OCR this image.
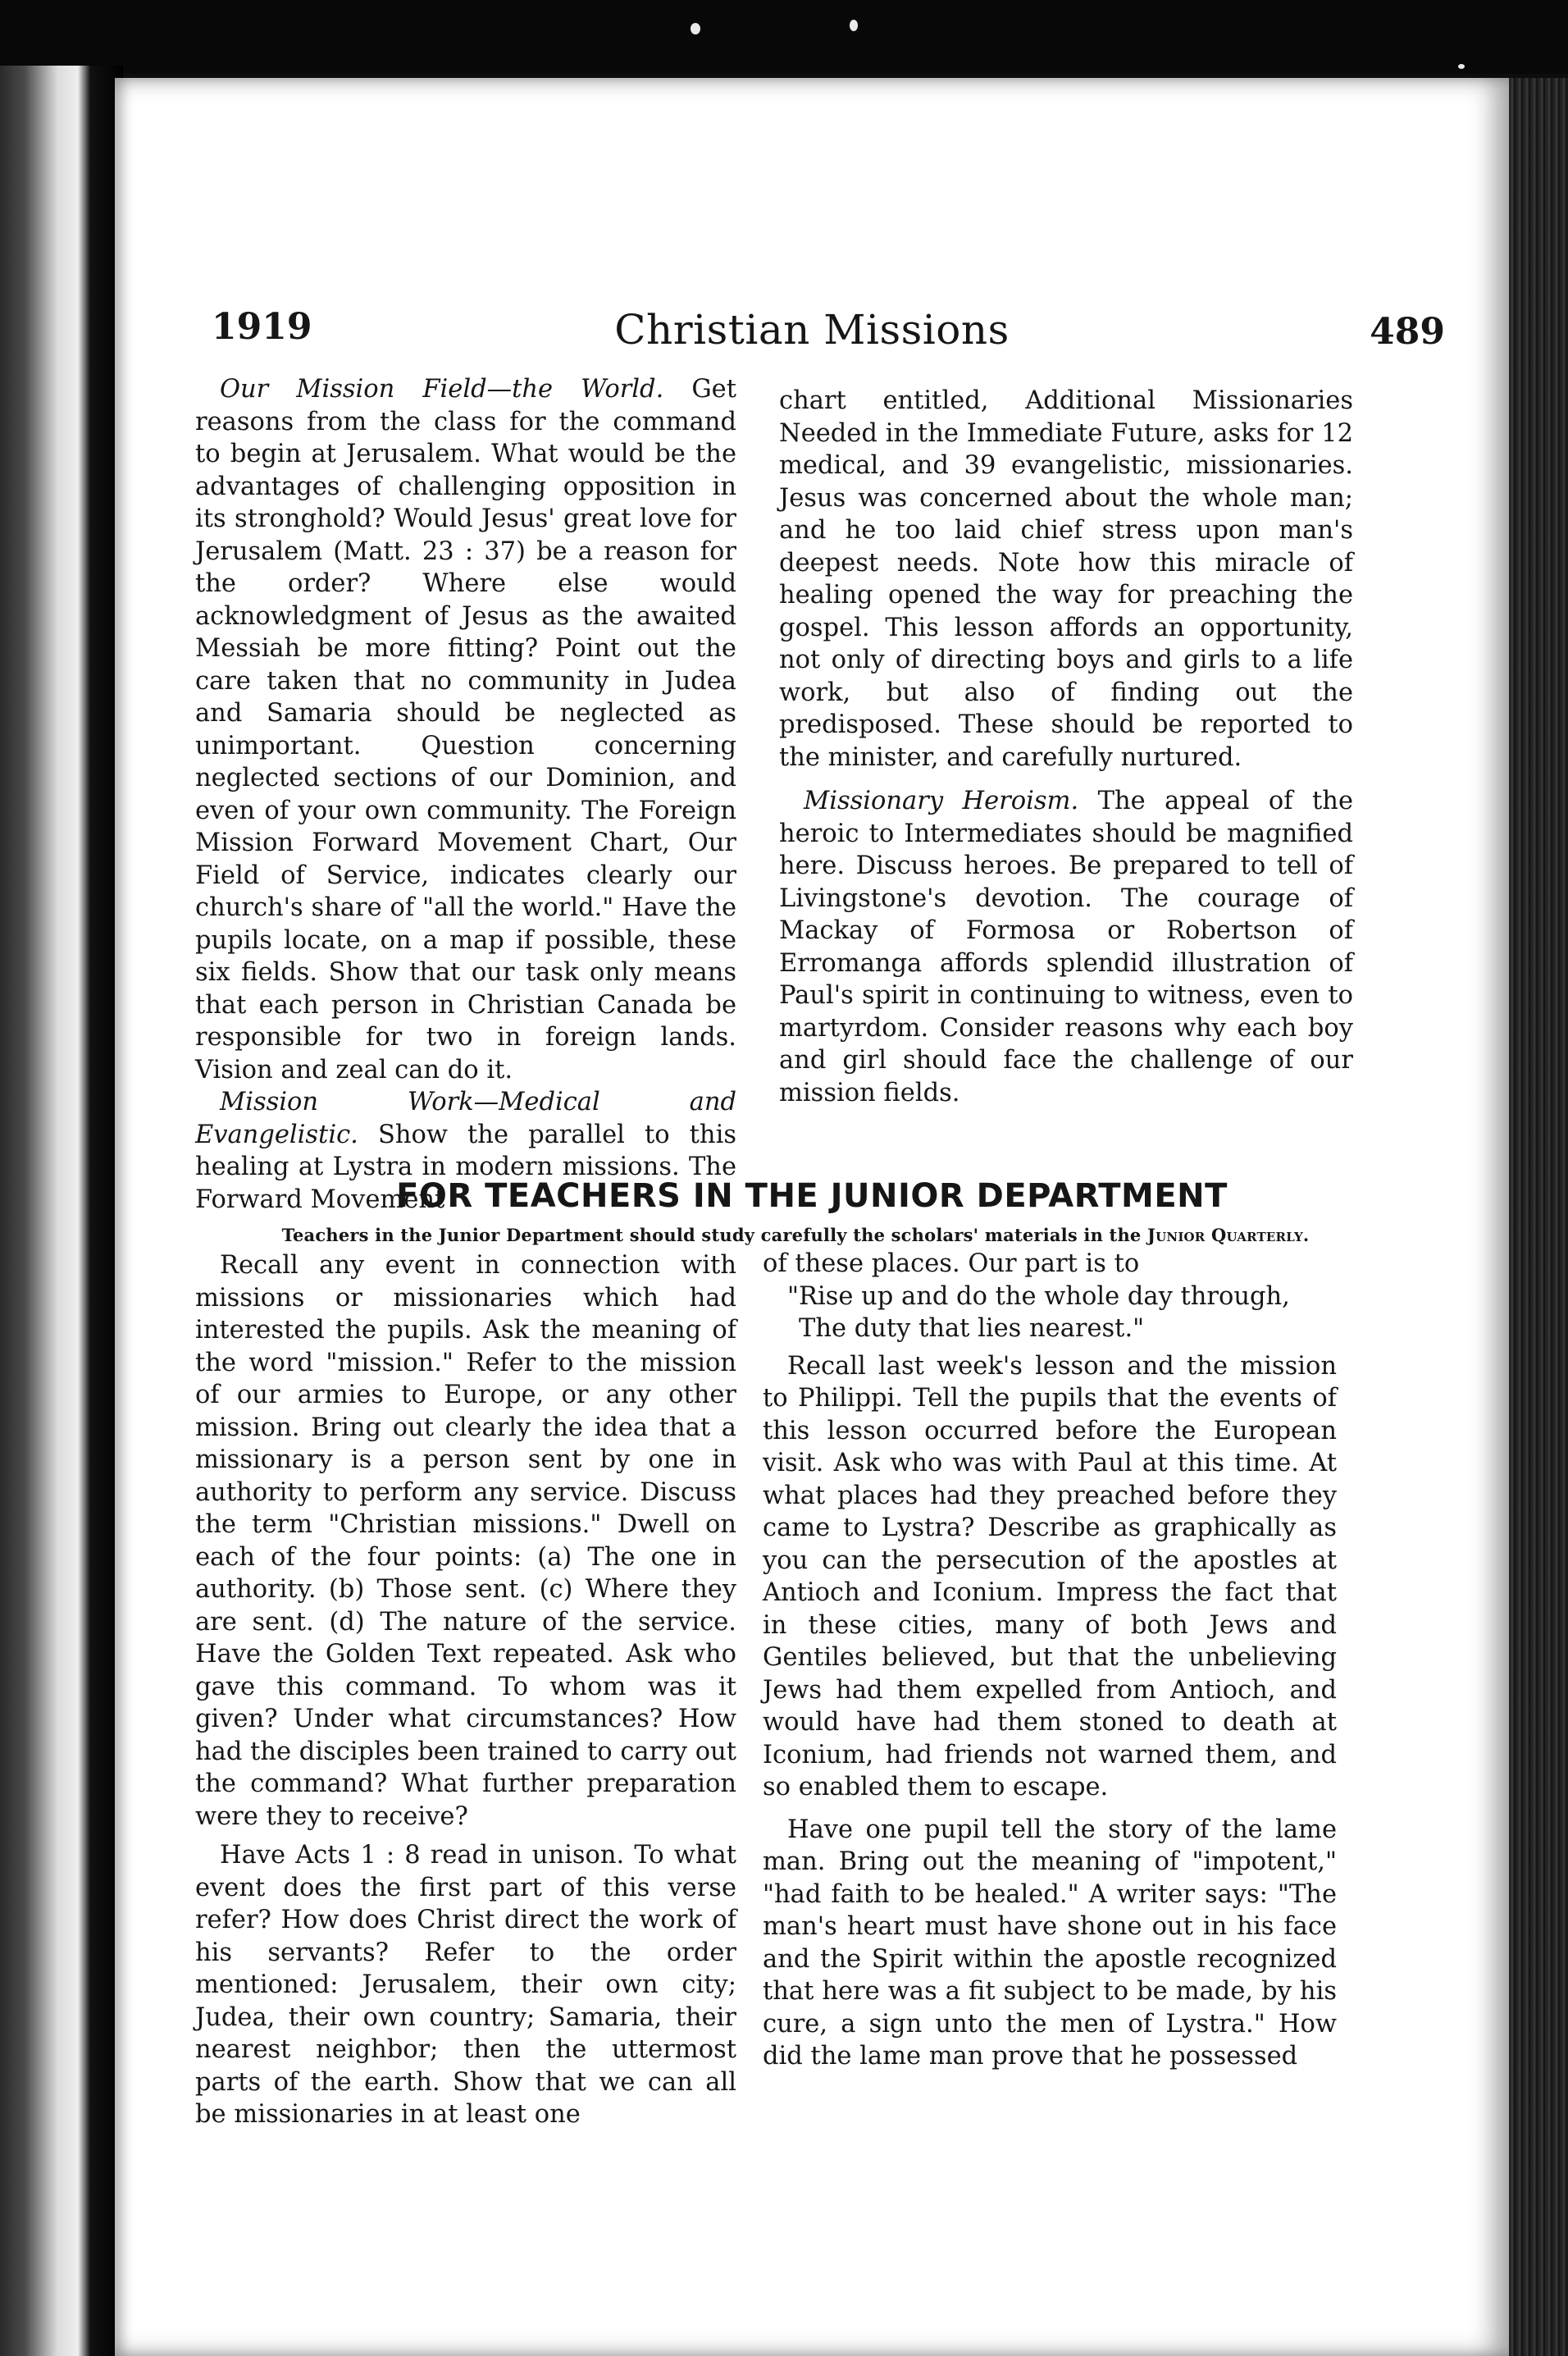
1919	Christian Missions	489

Our Mission Field—the World. Get reasons from the class for the command to begin at Jerusalem. What would be the advantages of challenging opposition in its stronghold? Would Jesus' great love for Jerusalem (Matt. 23 : 37) be a reason for the order? Where else would acknowledgment of Jesus as the awaited Messiah be more fitting? Point out the care taken that no community in Judea and Samaria should be neglected as unimportant. Question concerning neglected sections of our Dominion, and even of your own community. The Foreign Mission Forward Movement Chart, Our Field of Service, indicates clearly our church's share of "all the world." Have the pupils locate, on a map if possible, these six fields. Show that our task only means that each person in Christian Canada be responsible for two in foreign lands. Vision and zeal can do it.

Mission Work—Medical and Evangelistic. Show the parallel to this healing at Lystra in modern missions. The Forward Movement

chart entitled, Additional Missionaries Needed in the Immediate Future, asks for 12 medical, and 39 evangelistic, missionaries. Jesus was concerned about the whole man; and he too laid chief stress upon man's deepest needs. Note how this miracle of healing opened the way for preaching the gospel. This lesson affords an opportunity, not only of directing boys and girls to a life work, but also of finding out the predisposed. These should be reported to the minister, and carefully nurtured.

Missionary Heroism. The appeal of the heroic to Intermediates should be magnified here. Discuss heroes. Be prepared to tell of Livingstone's devotion. The courage of Mackay of Formosa or Robertson of Erromanga affords splendid illustration of Paul's spirit in continuing to witness, even to martyrdom. Consider reasons why each boy and girl should face the challenge of our mission fields.

FOR TEACHERS IN THE JUNIOR DEPARTMENT
Teachers in the Junior Department should study carefully the scholars' materials in the Junior Quarterly.

Recall any event in connection with missions or missionaries which had interested the pupils. Ask the meaning of the word "mission." Refer to the mission of our armies to Europe, or any other mission. Bring out clearly the idea that a missionary is a person sent by one in authority to perform any service. Discuss the term "Christian missions." Dwell on each of the four points: (a) The one in authority. (b) Those sent. (c) Where they are sent. (d) The nature of the service. Have the Golden Text repeated. Ask who gave this command. To whom was it given? Under what circumstances? How had the disciples been trained to carry out the command? What further preparation were they to receive?

Have Acts 1 : 8 read in unison. To what event does the first part of this verse refer? How does Christ direct the work of his servants? Refer to the order mentioned: Jerusalem, their own city; Judea, their own country; Samaria, their nearest neighbor; then the uttermost parts of the earth. Show that we can all be missionaries in at least one

of these places. Our part is to

"Rise up and do the whole day through,

The duty that lies nearest."

Recall last week's lesson and the mission to Philippi. Tell the pupils that the events of this lesson occurred before the European visit. Ask who was with Paul at this time. At what places had they preached before they came to Lystra? Describe as graphically as you can the persecution of the apostles at Antioch and Iconium. Impress the fact that in these cities, many of both Jews and Gentiles believed, but that the unbelieving Jews had them expelled from Antioch, and would have had them stoned to death at Iconium, had friends not warned them, and so enabled them to escape.

Have one pupil tell the story of the lame man. Bring out the meaning of "impotent," "had faith to be healed." A writer says: "The man's heart must have shone out in his face and the Spirit within the apostle recognized that here was a fit subject to be made, by his cure, a sign unto the men of Lystra." How did the lame man prove that he possessed
